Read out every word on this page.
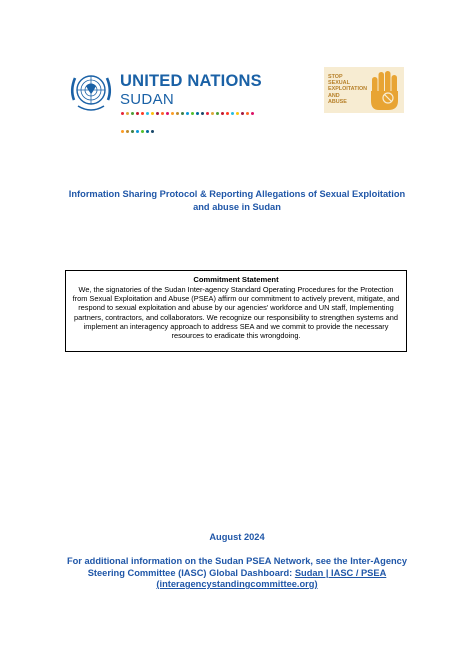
UNITED NATIONS
SUDAN
STOP
SEXUAL
EXPLOITATION
AND
ABUSE
Information Sharing Protocol & Reporting Allegations of Sexual Exploitation and abuse in Sudan
Commitment Statement
We, the signatories of the Sudan Inter-agency Standard Operating Procedures for the Protection from Sexual Exploitation and Abuse (PSEA) affirm our commitment to actively prevent, mitigate, and respond to sexual exploitation and abuse by our agencies' workforce and UN staff, Implementing partners, contractors, and collaborators. We recognize our responsibility to strengthen systems and implement an interagency approach to address SEA and we commit to provide the necessary resources to eradicate this wrongdoing.
August 2024
For additional information on the Sudan PSEA Network, see the Inter-Agency Steering Committee (IASC) Global Dashboard: Sudan | IASC / PSEA (interagencystandingcommittee.org)
